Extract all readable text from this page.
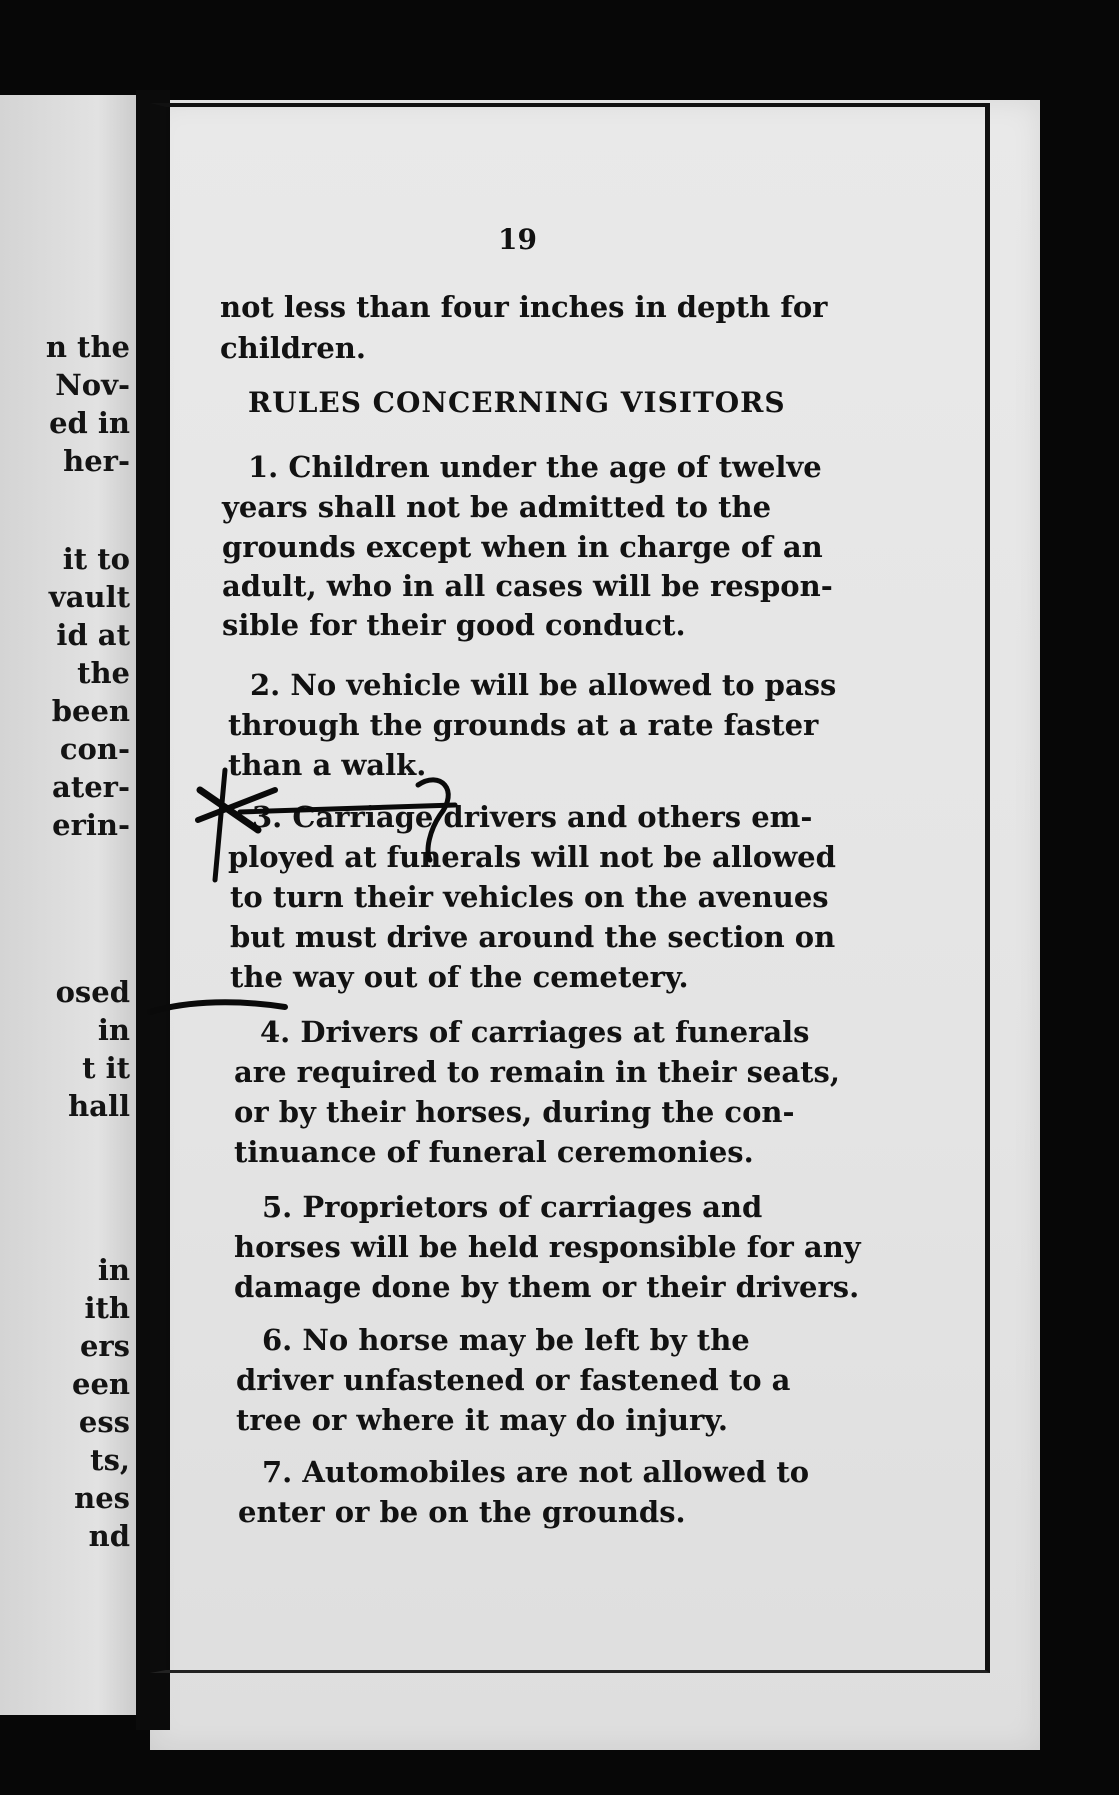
n the
Nov-
ed in
her-
it to
vault
id at
the
been
con-
ater-
erin-
osed
in
t it
hall
in
ith
ers
een
ess
ts,
nes
nd
19
not less than four inches in depth for
children.
RULES CONCERNING VISITORS
1. Children under the age of twelve
years shall not be admitted to the
grounds except when in charge of an
adult, who in all cases will be respon-
sible for their good conduct.
2. No vehicle will be allowed to pass
through the grounds at a rate faster
than a walk.
3. Carriage drivers and others em-
ployed at funerals will not be allowed
to turn their vehicles on the avenues
but must drive around the section on
the way out of the cemetery.
4. Drivers of carriages at funerals
are required to remain in their seats,
or by their horses, during the con-
tinuance of funeral ceremonies.
5. Proprietors of carriages and
horses will be held responsible for any
damage done by them or their drivers.
6. No horse may be left by the
driver unfastened or fastened to a
tree or where it may do injury.
7. Automobiles are not allowed to
enter or be on the grounds.
